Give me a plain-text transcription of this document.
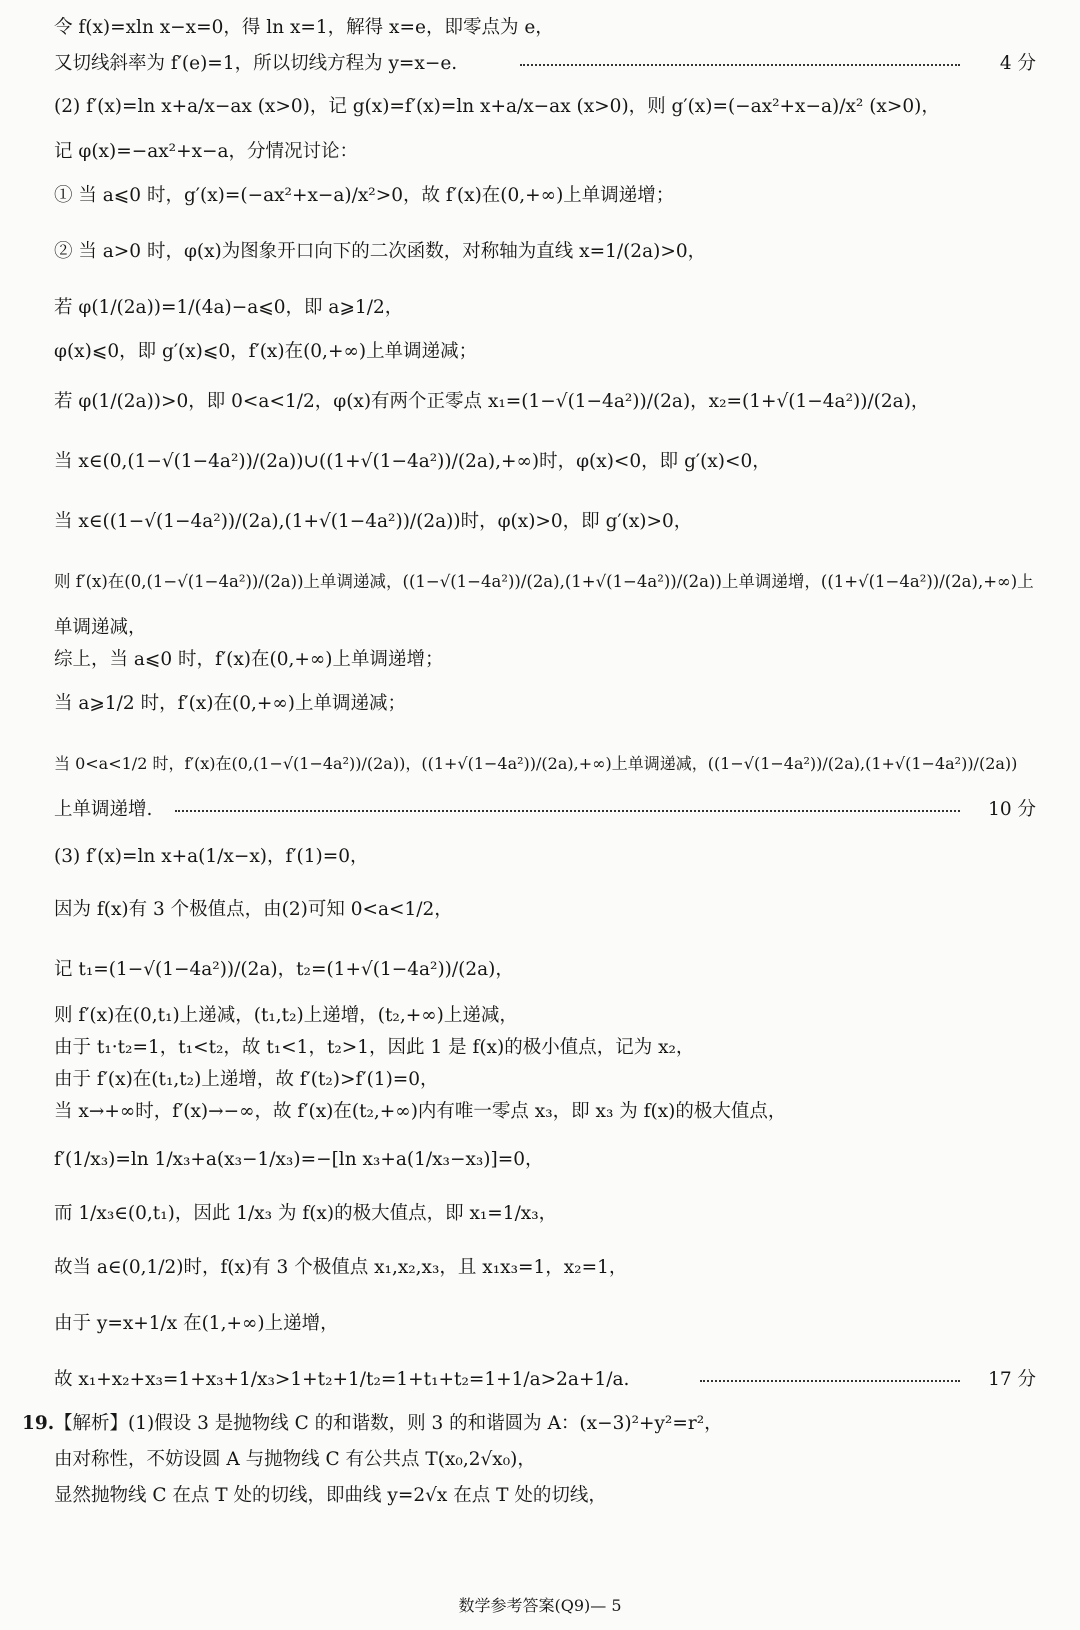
令 f(x)=xln x−x=0，得 ln x=1，解得 x=e，即零点为 e，
又切线斜率为 f′(e)=1，所以切线方程为 y=x−e.	4 分
(2) f′(x)=ln x+a/x−ax (x>0)，记 g(x)=f′(x)=ln x+a/x−ax (x>0)，则 g′(x)=(−ax²+x−a)/x² (x>0)，
记 φ(x)=−ax²+x−a，分情况讨论：
① 当 a⩽0 时，g′(x)=(−ax²+x−a)/x²>0，故 f′(x)在(0,+∞)上单调递增；
② 当 a>0 时，φ(x)为图象开口向下的二次函数，对称轴为直线 x=1/(2a)>0，
若 φ(1/(2a))=1/(4a)−a⩽0，即 a⩾1/2，
φ(x)⩽0，即 g′(x)⩽0，f′(x)在(0,+∞)上单调递减；
若 φ(1/(2a))>0，即 0<a<1/2，φ(x)有两个正零点 x₁=(1−√(1−4a²))/(2a)，x₂=(1+√(1−4a²))/(2a)，
当 x∈(0,(1−√(1−4a²))/(2a))∪((1+√(1−4a²))/(2a),+∞)时，φ(x)<0，即 g′(x)<0，
当 x∈((1−√(1−4a²))/(2a),(1+√(1−4a²))/(2a))时，φ(x)>0，即 g′(x)>0，
则 f′(x)在(0,(1−√(1−4a²))/(2a))上单调递减，((1−√(1−4a²))/(2a),(1+√(1−4a²))/(2a))上单调递增，((1+√(1−4a²))/(2a),+∞)上
单调递减，
综上，当 a⩽0 时，f′(x)在(0,+∞)上单调递增；
当 a⩾1/2 时，f′(x)在(0,+∞)上单调递减；
当 0<a<1/2 时，f′(x)在(0,(1−√(1−4a²))/(2a))，((1+√(1−4a²))/(2a),+∞)上单调递减，((1−√(1−4a²))/(2a),(1+√(1−4a²))/(2a))
上单调递增.	10 分
(3) f′(x)=ln x+a(1/x−x)，f′(1)=0，
因为 f(x)有 3 个极值点，由(2)可知 0<a<1/2，
记 t₁=(1−√(1−4a²))/(2a)，t₂=(1+√(1−4a²))/(2a)，
则 f′(x)在(0,t₁)上递减，(t₁,t₂)上递增，(t₂,+∞)上递减，
由于 t₁·t₂=1，t₁<t₂，故 t₁<1，t₂>1，因此 1 是 f(x)的极小值点，记为 x₂，
由于 f′(x)在(t₁,t₂)上递增，故 f′(t₂)>f′(1)=0，
当 x→+∞时，f′(x)→−∞，故 f′(x)在(t₂,+∞)内有唯一零点 x₃，即 x₃ 为 f(x)的极大值点，
f′(1/x₃)=ln 1/x₃+a(x₃−1/x₃)=−[ln x₃+a(1/x₃−x₃)]=0，
而 1/x₃∈(0,t₁)，因此 1/x₃ 为 f(x)的极大值点，即 x₁=1/x₃，
故当 a∈(0,1/2)时，f(x)有 3 个极值点 x₁,x₂,x₃，且 x₁x₃=1，x₂=1，
由于 y=x+1/x 在(1,+∞)上递增，
故 x₁+x₂+x₃=1+x₃+1/x₃>1+t₂+1/t₂=1+t₁+t₂=1+1/a>2a+1/a.	17 分
19. 【解析】(1)假设 3 是抛物线 C 的和谐数，则 3 的和谐圆为 A：(x−3)²+y²=r²，
由对称性，不妨设圆 A 与抛物线 C 有公共点 T(x₀,2√x₀)，
显然抛物线 C 在点 T 处的切线，即曲线 y=2√x 在点 T 处的切线，
数学参考答案(Q9)— 5
